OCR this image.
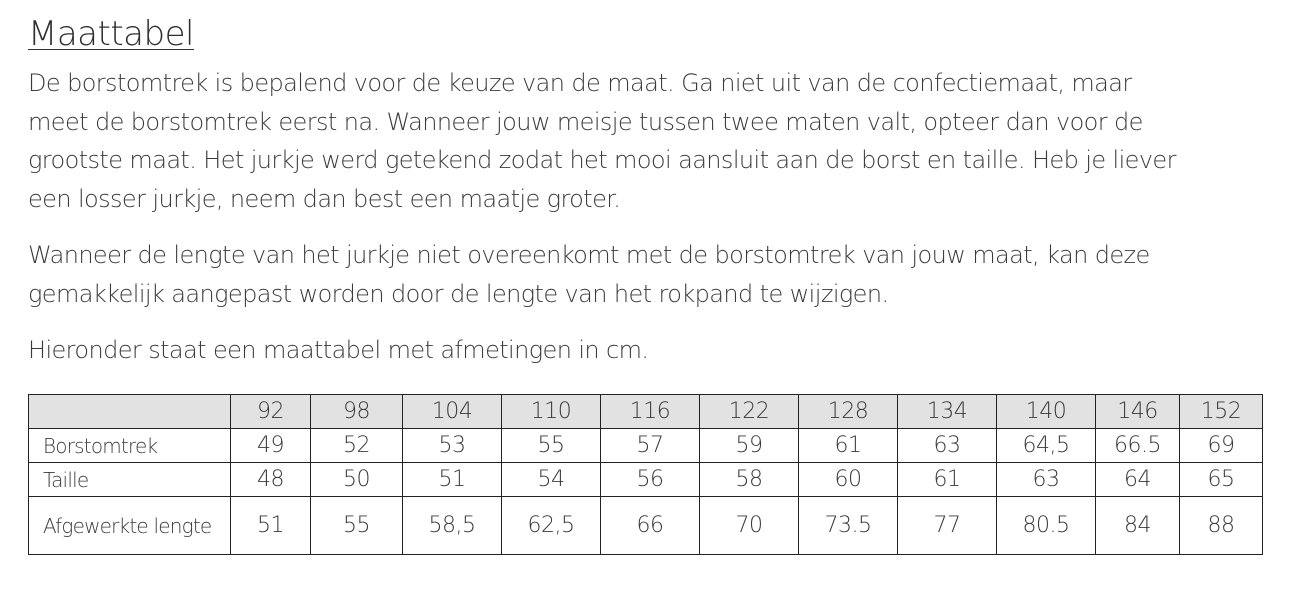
Maattabel
De borstomtrek is bepalend voor de keuze van de maat. Ga niet uit van de confectiemaat, maar
meet de borstomtrek eerst na. Wanneer jouw meisje tussen twee maten valt, opteer dan voor de
grootste maat. Het jurkje werd getekend zodat het mooi aansluit aan de borst en taille. Heb je liever
een losser jurkje, neem dan best een maatje groter.
Wanneer de lengte van het jurkje niet overeenkomt met de borstomtrek van jouw maat, kan deze
gemakkelijk aangepast worden door de lengte van het rokpand te wijzigen.
Hieronder staat een maattabel met afmetingen in cm.
	92	98	104	110	116	122	128	134	140	146	152
Borstomtrek	49	52	53	55	57	59	61	63	64,5	66.5	69
Taille	48	50	51	54	56	58	60	61	63	64	65
Afgewerkte lengte	51	55	58,5	62,5	66	70	73.5	77	80.5	84	88
